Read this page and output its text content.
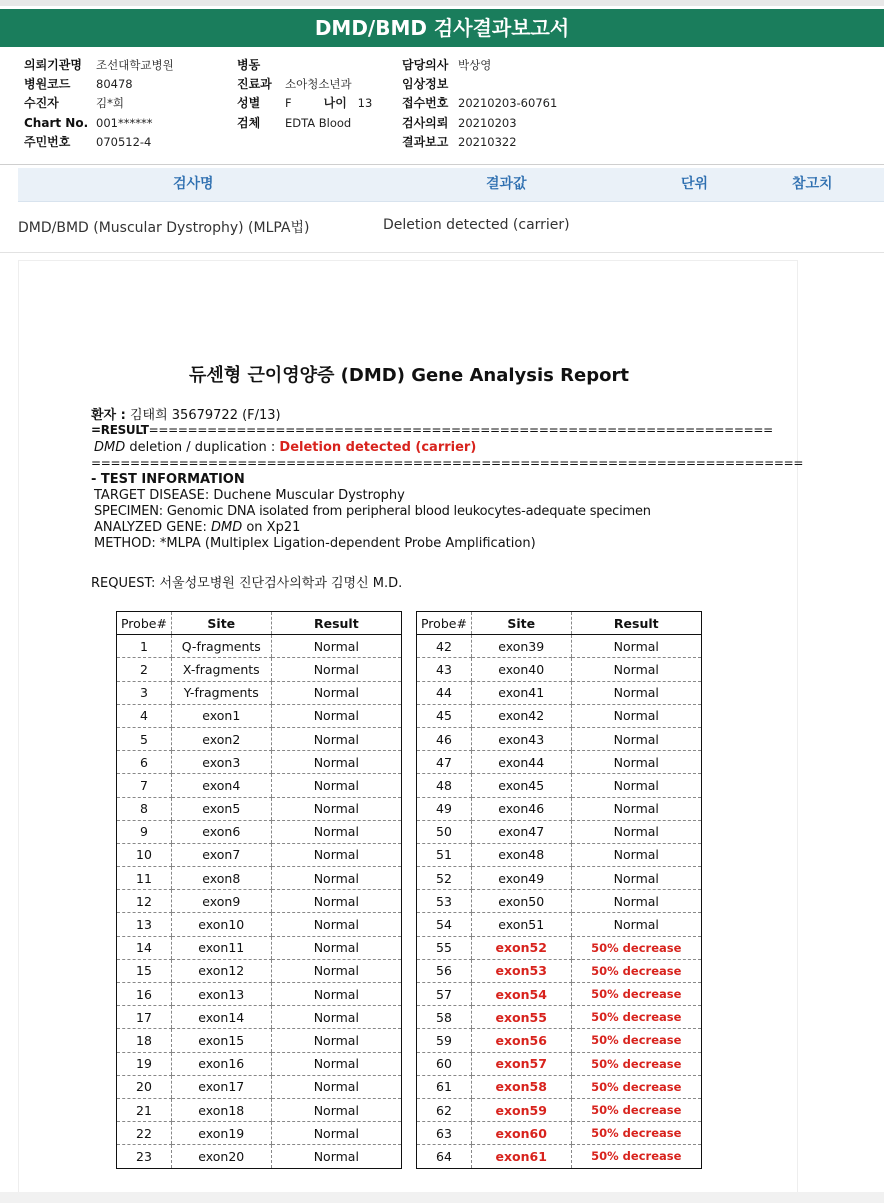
DMD/BMD 검사결과보고서
의뢰기관명	조선대학교병원
병원코드	80478
수진자	김*희
Chart No. 001******
주민번호	070512-4
병동
진료과	소아청소년과
성별	F	나이 13
검체	EDTA Blood
담당의사 박상영
임상정보
접수번호 20210203-60761
검사의뢰 20210203
결과보고 20210322
검사명	결과값	단위	참고치
DMD/BMD (Muscular Dystrophy) (MLPA법)	Deletion detected (carrier)
듀센형 근이영양증 (DMD) Gene Analysis Report
환자 : 김태희 35679722 (F/13)
=RESULT================================================================
DMD deletion / duplication : Deletion detected (carrier)
=========================================================================
- TEST INFORMATION
TARGET DISEASE: Duchene Muscular Dystrophy
SPECIMEN: Genomic DNA isolated from peripheral blood leukocytes-adequate specimen
ANALYZED GENE: DMD on Xp21
METHOD: *MLPA (Multiplex Ligation-dependent Probe Amplification)
REQUEST: 서울성모병원 진단검사의학과 김명신 M.D.
Probe#	Site	Result
1	Q-fragments	Normal
2	X-fragments	Normal
3	Y-fragments	Normal
4	exon1	Normal
5	exon2	Normal
6	exon3	Normal
7	exon4	Normal
8	exon5	Normal
9	exon6	Normal
10	exon7	Normal
11	exon8	Normal
12	exon9	Normal
13	exon10	Normal
14	exon11	Normal
15	exon12	Normal
16	exon13	Normal
17	exon14	Normal
18	exon15	Normal
19	exon16	Normal
20	exon17	Normal
21	exon18	Normal
22	exon19	Normal
23	exon20	Normal
Probe#	Site	Result
42	exon39	Normal
43	exon40	Normal
44	exon41	Normal
45	exon42	Normal
46	exon43	Normal
47	exon44	Normal
48	exon45	Normal
49	exon46	Normal
50	exon47	Normal
51	exon48	Normal
52	exon49	Normal
53	exon50	Normal
54	exon51	Normal
55	exon52	50% decrease
56	exon53	50% decrease
57	exon54	50% decrease
58	exon55	50% decrease
59	exon56	50% decrease
60	exon57	50% decrease
61	exon58	50% decrease
62	exon59	50% decrease
63	exon60	50% decrease
64	exon61	50% decrease
